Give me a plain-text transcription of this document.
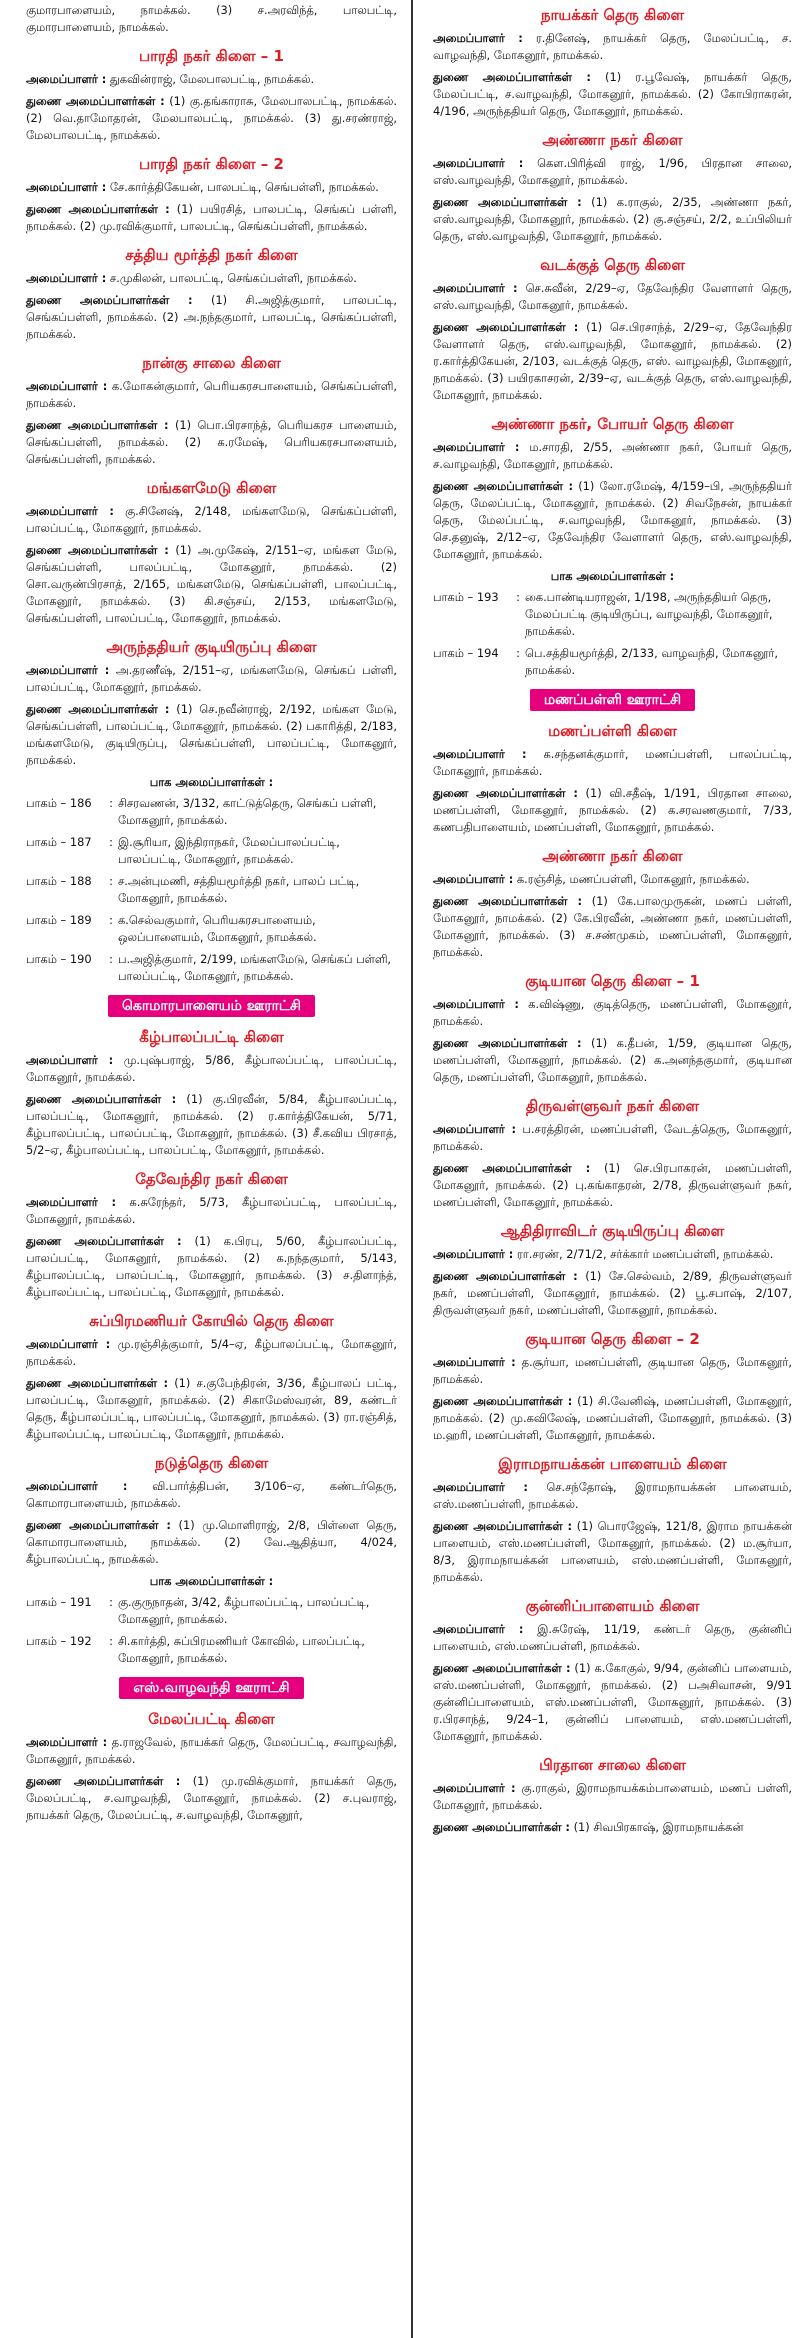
குமாரபாளையம், நாமக்கல். (3) ச.அரவிந்த், பாலபட்டி, குமாரபாளையம், நாமக்கல்.

பாரதி நகர் கிளை – 1

அமைப்பாளர் : துகவின்ராஜ், மேலபாலபட்டி, நாமக்கல்.

துணை அமைப்பாளர்கள் : (1) கு.தங்காராசு, மேலபாலபட்டி, நாமக்கல். (2) வெ.தாமோதரன், மேலபாலபட்டி, நாமக்கல். (3) து.சரண்ராஜ், மேலபாலபட்டி, நாமக்கல்.

பாரதி நகர் கிளை – 2

அமைப்பாளர் : சே.கார்த்திகேயன், பாலபட்டி, செங்பள்ளி, நாமக்கல்.

துணை அமைப்பாளர்கள் : (1) பயிரசித், பாலபட்டி, செங்கப் பள்ளி, நாமக்கல். (2) மு.ரவிக்குமார், பாலபட்டி, செங்கப்பள்ளி, நாமக்கல்.

சத்திய மூர்த்தி நகர் கிளை

அமைப்பாளர் : ச.முகிலன், பாலபட்டி, செங்கப்பள்ளி, நாமக்கல்.

துணை அமைப்பாளர்கள் : (1) சி.அஜித்குமார், பாலபட்டி, செங்கப்பள்ளி, நாமக்கல். (2) அ.நந்தகுமார், பாலபட்டி, செங்கப்பள்ளி, நாமக்கல்.

நான்கு சாலை கிளை

அமைப்பாளர் : க.மோகன்குமார், பெரியகரசபாளையம், செங்கப்பள்ளி, நாமக்கல்.

துணை அமைப்பாளர்கள் : (1) பொ.பிரசாந்த், பெரியகரச பாளையம், செங்கப்பள்ளி, நாமக்கல். (2) க.ரமேஷ், பெரியகரசபாளையம், செங்கப்பள்ளி, நாமக்கல்.

மங்களமேடு கிளை

அமைப்பாளர் : கு.சினேஷ், 2/148, மங்களமேடு, செங்கப்பள்ளி, பாலப்பட்டி, மோகனூர், நாமக்கல்.

துணை அமைப்பாளர்கள் : (1) அ.முகேஷ், 2/151–ஏ, மங்கள மேடு, செங்கப்பள்ளி, பாலப்பட்டி, மோகனூர், நாமக்கல். (2) சொ.வருண்பிரசாத், 2/165, மங்களமேடு, செங்கப்பள்ளி, பாலப்பட்டி, மோகனூர், நாமக்கல். (3) கி.சஞ்சய், 2/153, மங்களமேடு, செங்கப்பள்ளி, பாலப்பட்டி, மோகனூர், நாமக்கல்.

அருந்ததியர் குடியிருப்பு கிளை

அமைப்பாளர் : அ.தரணீஷ், 2/151–ஏ, மங்களமேடு, செங்கப் பள்ளி, பாலப்பட்டி, மோகனூர், நாமக்கல்.

துணை அமைப்பாளர்கள் : (1) செ.நவீன்ராஜ், 2/192, மங்கள மேடு, செங்கப்பள்ளி, பாலப்பட்டி, மோகனூர், நாமக்கல். (2) பகாரித்தி, 2/183, மங்களமேடு, குடியிருப்பு, செங்கப்பள்ளி, பாலப்பட்டி, மோகனூர், நாமக்கல்.

பாக அமைப்பாளர்கள் :
பாகம் – 186	: சிசரவணன், 3/132, காட்டுத்தெரு, செங்கப் பள்ளி, மோகனூர், நாமக்கல்.
பாகம் – 187	: இ.சூரியா, இந்திராநகர், மேலப்பாலப்பட்டி, பாலப்பட்டி, மோகனூர், நாமக்கல்.
பாகம் – 188	: ச.அன்புமணி, சத்தியமூர்த்தி நகர், பாலப் பட்டி, மோகனூர், நாமக்கல்.
பாகம் – 189	: க.செல்வகுமார், பெரியகரசபாளையம், ஒலப்பாளையம், மோகனூர், நாமக்கல்.
பாகம் – 190	: ப.அஜித்குமார், 2/199, மங்களமேடு, செங்கப் பள்ளி, பாலப்பட்டி, மோகனூர், நாமக்கல்.
கொமாரபாளையம் ஊராட்சி
கீழ்பாலப்பட்டி கிளை

அமைப்பாளர் : மு.புஷ்பராஜ், 5/86, கீழ்பாலப்பட்டி, பாலப்பட்டி, மோகனூர், நாமக்கல்.

துணை அமைப்பாளர்கள் : (1) கு.பிரவீன், 5/84, கீழ்பாலப்பட்டி, பாலப்பட்டி, மோகனூர், நாமக்கல். (2) ர.கார்த்திகேயன், 5/71, கீழ்பாலப்பட்டி, பாலப்பட்டி, மோகனூர், நாமக்கல். (3) சீ.கவிய பிரசாத், 5/2–ஏ, கீழ்பாலப்பட்டி, பாலப்பட்டி, மோகனூர், நாமக்கல்.

தேவேந்திர நகர் கிளை

அமைப்பாளர் : க.சுரேந்தர், 5/73, கீழ்பாலப்பட்டி, பாலப்பட்டி, மோகனூர், நாமக்கல்.

துணை அமைப்பாளர்கள் : (1) க.பிரபு, 5/60, கீழ்பாலப்பட்டி, பாலப்பட்டி, மோகனூர், நாமக்கல். (2) க.நந்தகுமார், 5/143, கீழ்பாலப்பட்டி, பாலப்பட்டி, மோகனூர், நாமக்கல். (3) ச.திளாந்த், கீழ்பாலப்பட்டி, பாலப்பட்டி, மோகனூர், நாமக்கல்.

சுப்பிரமணியர் கோயில் தெரு கிளை

அமைப்பாளர் : மு.ரஞ்சித்குமார், 5/4–ஏ, கீழ்பாலப்பட்டி, மோகனூர், நாமக்கல்.

துணை அமைப்பாளர்கள் : (1) ச.குபேந்திரன், 3/36, கீழ்பாலப் பட்டி, பாலப்பட்டி, மோகனூர், நாமக்கல். (2) சிகாமேஸ்வரன், 89, கண்டர் தெரு, கீழ்பாலப்பட்டி, பாலப்பட்டி, மோகனூர், நாமக்கல். (3) ரா.ரஞ்சித், கீழ்பாலப்பட்டி, பாலப்பட்டி, மோகனூர், நாமக்கல்.

நடுத்தெரு கிளை

அமைப்பாளர் : வி.பார்த்திபன், 3/106–ஏ, கண்டர்தெரு, கொமாரபாளையம், நாமக்கல்.

துணை அமைப்பாளர்கள் : (1) மு.மொளிராஜ், 2/8, பிள்ளை தெரு, கொமாரபாளையம், நாமக்கல். (2) வே.ஆதித்யா, 4/024, கீழ்பாலப்பட்டி, நாமக்கல்.

பாக அமைப்பாளர்கள் :
பாகம் – 191	: கு.குருநாதன், 3/42, கீழ்பாலப்பட்டி, பாலப்பட்டி, மோகனூர், நாமக்கல்.
பாகம் – 192	: சி.கார்த்தி, சுப்பிரமணியர் கோவில், பாலப்பட்டி, மோகனூர், நாமக்கல்.
எஸ்.வாழவந்தி ஊராட்சி
மேலப்பட்டி கிளை

அமைப்பாளர் : த.ராஜவேல், நாயக்கர் தெரு, மேலப்பட்டி, சவாழவந்தி, மோகனூர், நாமக்கல்.

துணை அமைப்பாளர்கள் : (1) மு.ரவிக்குமார், நாயக்கர் தெரு, மேலப்பட்டி, ச.வாழவந்தி, மோகனூர், நாமக்கல். (2) ச.புவராஜ், நாயக்கர் தெரு, மேலப்பட்டி, ச.வாழவந்தி, மோகனூர்,

நாயக்கர் தெரு கிளை

அமைப்பாளர் : ர.தினேஷ், நாயக்கர் தெரு, மேலப்பட்டி, ச. வாழவந்தி, மோகனூர், நாமக்கல்.

துணை அமைப்பாளர்கள் : (1) ர.பூவேஷ், நாயக்கர் தெரு, மேலப்பட்டி, ச.வாழவந்தி, மோகனூர், நாமக்கல். (2) கோபிராகரன், 4/196, அருந்ததியர் தெரு, மோகனூர், நாமக்கல்.

அண்ணா நகர் கிளை

அமைப்பாளர் : கௌ.பிரித்வி ராஜ், 1/96, பிரதான சாலை, எஸ்.வாழவந்தி, மோகனூர், நாமக்கல்.

துணை அமைப்பாளர்கள் : (1) க.ராகுல், 2/35, அண்ணா நகர், எஸ்.வாழவந்தி, மோகனூர், நாமக்கல். (2) கு.சஞ்சய், 2/2, உப்பிலியர் தெரு, எஸ்.வாழவந்தி, மோகனூர், நாமக்கல்.

வடக்குத் தெரு கிளை

அமைப்பாளர் : செ.சுவீன், 2/29–ஏ, தேவேந்திர வேளாளர் தெரு, எஸ்.வாழவந்தி, மோகனூர், நாமக்கல்.

துணை அமைப்பாளர்கள் : (1) செ.பிரசாந்த், 2/29–ஏ, தேவேந்திர வேளாளர் தெரு, எஸ்.வாழவந்தி, மோகனூர், நாமக்கல். (2) ர.கார்த்திகேயன், 2/103, வடக்குத் தெரு, எஸ். வாழவந்தி, மோகனூர், நாமக்கல். (3) பயிரகாசரன், 2/39–ஏ, வடக்குத் தெரு, எஸ்.வாழவந்தி, மோகனூர், நாமக்கல்.

அண்ணா நகர், போயர் தெரு கிளை

அமைப்பாளர் : ம.சாரதி, 2/55, அண்ணா நகர், போயர் தெரு, ச.வாழவந்தி, மோகனூர், நாமக்கல்.

துணை அமைப்பாளர்கள் : (1) லோ.ரமேஷ், 4/159–பி, அருந்ததியர் தெரு, மேலப்பட்டி, மோகனூர், நாமக்கல். (2) சிவநேசன், நாயக்கர் தெரு, மேலப்பட்டி, ச.வாழவந்தி, மோகனூர், நாமக்கல். (3) செ.தனுஷ், 2/12–ஏ, தேவேந்திர வேளாளர் தெரு, எஸ்.வாழவந்தி, மோகனூர், நாமக்கல்.

பாக அமைப்பாளர்கள் :
பாகம் – 193	: கை.பாண்டியராஜன், 1/198, அருந்ததியர் தெரு, மேலப்பட்டி குடியிருப்பு, வாழவந்தி, மோகனூர், நாமக்கல்.
பாகம் – 194	: பெ.சத்தியமூர்த்தி, 2/133, வாழவந்தி, மோகனூர், நாமக்கல்.
மணப்பள்ளி ஊராட்சி
மணப்பள்ளி கிளை

அமைப்பாளர் : க.சந்தனக்குமார், மணப்பள்ளி, பாலப்பட்டி, மோகனூர், நாமக்கல்.

துணை அமைப்பாளர்கள் : (1) வி.சதீஷ், 1/191, பிரதான சாலை, மணப்பள்ளி, மோகனூர், நாமக்கல். (2) க.சரவணகுமார், 7/33, கணபதிபாளையம், மணப்பள்ளி, மோகனூர், நாமக்கல்.

அண்ணா நகர் கிளை

அமைப்பாளர் : க.ரஞ்சித், மணப்பள்ளி, மோகனூர், நாமக்கல்.

துணை அமைப்பாளர்கள் : (1) கே.பாலமுருகன், மணப் பள்ளி, மோகனூர், நாமக்கல். (2) கே.பிரவீன், அண்ணா நகர், மணப்பள்ளி, மோகனூர், நாமக்கல். (3) ச.சண்முகம், மணப்பள்ளி, மோகனூர், நாமக்கல்.

குடியான தெரு கிளை – 1

அமைப்பாளர் : க.விஷ்ணு, குடித்தெரு, மணப்பள்ளி, மோகனூர், நாமக்கல்.

துணை அமைப்பாளர்கள் : (1) க.தீபன், 1/59, குடியான தெரு, மணப்பள்ளி, மோகனூர், நாமக்கல். (2) க.அனந்தகுமார், குடியான தெரு, மணப்பள்ளி, மோகனூர், நாமக்கல்.

திருவள்ளுவர் நகர் கிளை

அமைப்பாளர் : ப.சரத்திரன், மணப்பள்ளி, வேடத்தெரு, மோகனூர், நாமக்கல்.

துணை அமைப்பாளர்கள் : (1) செ.பிரபாகரன், மணப்பள்ளி, மோகனூர், நாமக்கல். (2) பு.கங்காதரன், 2/78, திருவள்ளுவர் நகர், மணப்பள்ளி, மோகனூர், நாமக்கல்.

ஆதிதிராவிடர் குடியிருப்பு கிளை

அமைப்பாளர் : ரா.சரண், 2/71/2, சர்க்கார் மணப்பள்ளி, நாமக்கல்.

துணை அமைப்பாளர்கள் : (1) சே.செல்வம், 2/89, திருவள்ளுவர் நகர், மணப்பள்ளி, மோகனூர், நாமக்கல். (2) பூ.சபாஷ், 2/107, திருவள்ளுவர் நகர், மணப்பள்ளி, மோகனூர், நாமக்கல்.

குடியான தெரு கிளை – 2

அமைப்பாளர் : த.சூர்யா, மணப்பள்ளி, குடியான தெரு, மோகனூர், நாமக்கல்.

துணை அமைப்பாளர்கள் : (1) சி.வேனிஷ், மணப்பள்ளி, மோகனூர், நாமக்கல். (2) மு.கவிலேஷ், மணப்பள்ளி, மோகனூர், நாமக்கல். (3) ம.ஹரி, மணப்பள்ளி, மோகனூர், நாமக்கல்.

இராமநாயக்கன் பாளையம் கிளை

அமைப்பாளர் : செ.சந்தோஷ், இராமநாயக்கன் பாளையம், எஸ்.மணப்பள்ளி, நாமக்கல்.

துணை அமைப்பாளர்கள் : (1) பொரஜேஷ், 121/8, இராம நாயக்கன் பாளையம், எஸ்.மணப்பள்ளி, மோகனூர், நாமக்கல். (2) ம.சூர்யா, 8/3, இராமநாயக்கன் பாளையம், எஸ்.மணப்பள்ளி, மோகனூர், நாமக்கல்.

குன்னிப்பாளையம் கிளை

அமைப்பாளர் : இ.சுரேஷ், 11/19, கண்டர் தெரு, குன்னிப் பாளையம், எஸ்.மணப்பள்ளி, நாமக்கல்.

துணை அமைப்பாளர்கள் : (1) க.கோகுல், 9/94, குன்னிப் பாளையம், எஸ்.மணப்பள்ளி, மோகனூர், நாமக்கல். (2) பஅசிவாசன், 9/91 குன்னிப்பாளையம், எஸ்.மணப்பள்ளி, மோகனூர், நாமக்கல். (3) ர.பிரசாந்த், 9/24–1, குன்னிப் பாளையம், எஸ்.மணப்பள்ளி, மோகனூர், நாமக்கல்.

பிரதான சாலை கிளை

அமைப்பாளர் : கு.ராகுல், இராமநாயக்கம்பாளையம், மணப் பள்ளி, மோகனூர், நாமக்கல்.

துணை அமைப்பாளர்கள் : (1) சிவபிரகாஷ், இராமநாயக்கன்
